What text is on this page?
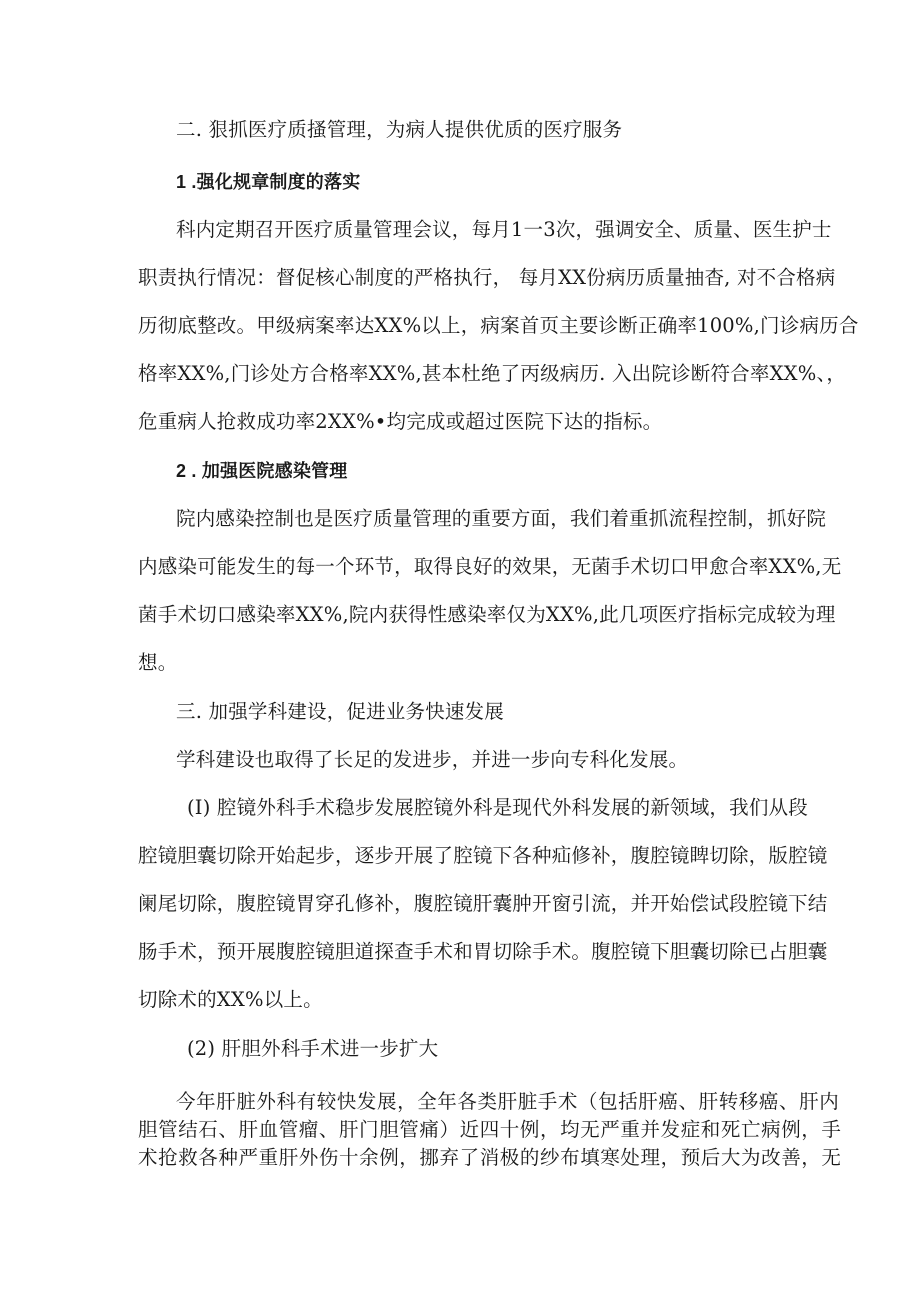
二. 狠抓医疗质搔管理，为病人提供优质的医疗服务
1 .强化规章制度的落实
科内定期召开医疗质量管理会议，每月1一3次，强调安全、质量、医生护士
职责执行情况：督促核心制度的严格执行， 每月XX份病历质量抽杳, 对不合格病
历彻底整改。甲级病案率达XX%以上，病案首页主要诊断正确率100%,门诊病历合
格率XX%,门诊处方合格率XX%,甚本杜绝了丙级病历. 入出院诊断符合率XX%、，
危重病人抢救成功率2XX%•均完成或超过医院下达的指标。
2 . 加强医院感染管理
院内感染控制也是医疗质量管理的重要方面，我们着重抓流程控制，抓好院
内感染可能发生的每一个环节，取得良好的效果，无菌手术切口甲愈合率XX%,无
菌手术切口感染率XX%,院内获得性感染率仅为XX%,此几项医疗指标完成较为理
想。
三. 加强学科建设，促进业务快速发展
学科建设也取得了长足的发进步，并进一步向专科化发展。
(I) 腔镜外科手术稳步发展腔镜外科是现代外科发展的新领域，我们从段
腔镜胆囊切除开始起步，逐步开展了腔镜下各种疝修补，腹腔镜睥切除，版腔镜
阑尾切除，腹腔镜胃穿孔修补，腹腔镜肝囊肿开窗引流，并开始偿试段腔镜下结
肠手术，预开展腹腔镜胆道探查手术和胃切除手术。腹腔镜下胆囊切除已占胆囊
切除术的XX%以上。
(2) 肝胆外科手术进一步扩大
今年肝脏外科有较快发展，全年各类肝脏手术（包括肝癌、肝转移癌、肝内
胆管结石、肝血管瘤、肝门胆管痛）近四十例，均无严重并发症和死亡病例，手
术抢救各种严重肝外伤十余例，挪弃了消极的纱布填寒处理，预后大为改善，无
